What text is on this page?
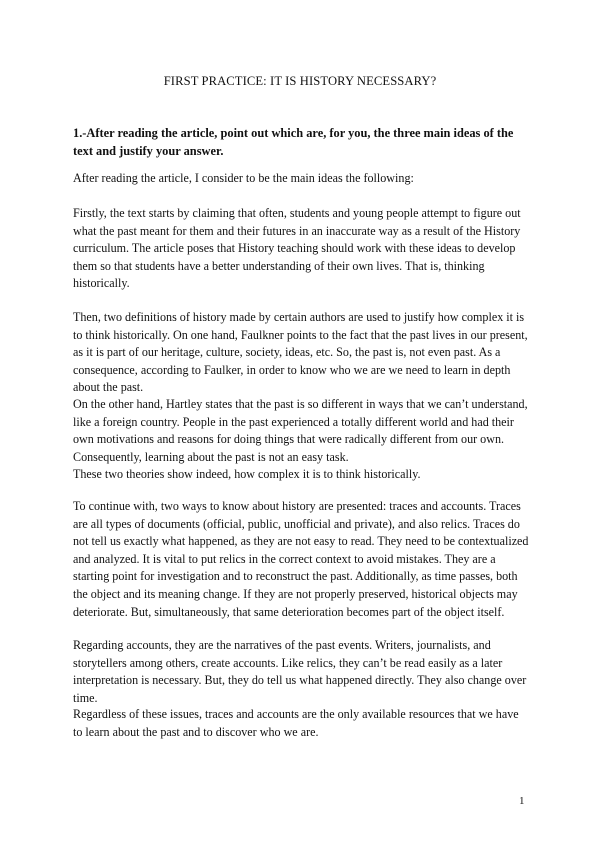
FIRST PRACTICE: IT IS HISTORY NECESSARY?
1.-After reading the article, point out which are, for you, the three main ideas of the text and justify your answer.
After reading the article, I consider to be the main ideas the following:
Firstly, the text starts by claiming that often, students and young people attempt to figure out what the past meant for them and their futures in an inaccurate way as a result of the History curriculum. The article poses that History teaching should work with these ideas to develop them so that students have a better understanding of their own lives. That is, thinking historically.
Then, two definitions of history made by certain authors are used to justify how complex it is to think historically. On one hand, Faulkner points to the fact that the past lives in our present, as it is part of our heritage, culture, society, ideas, etc. So, the past is, not even past. As a consequence, according to Faulker, in order to know who we are we need to learn in depth about the past.
On the other hand, Hartley states that the past is so different in ways that we can’t understand, like a foreign country. People in the past experienced a totally different world and had their own motivations and reasons for doing things that were radically different from our own. Consequently, learning about the past is not an easy task.
These two theories show indeed, how complex it is to think historically.
To continue with, two ways to know about history are presented: traces and accounts. Traces are all types of documents (official, public, unofficial and private), and also relics. Traces do not tell us exactly what happened, as they are not easy to read. They need to be contextualized and analyzed. It is vital to put relics in the correct context to avoid mistakes. They are a starting point for investigation and to reconstruct the past. Additionally, as time passes, both the object and its meaning change. If they are not properly preserved, historical objects may deteriorate. But, simultaneously, that same deterioration becomes part of the object itself.
Regarding accounts, they are the narratives of the past events. Writers, journalists, and storytellers among others, create accounts. Like relics, they can’t be read easily as a later interpretation is necessary. But, they do tell us what happened directly. They also change over time.
Regardless of these issues, traces and accounts are the only available resources that we have to learn about the past and to discover who we are.
1
